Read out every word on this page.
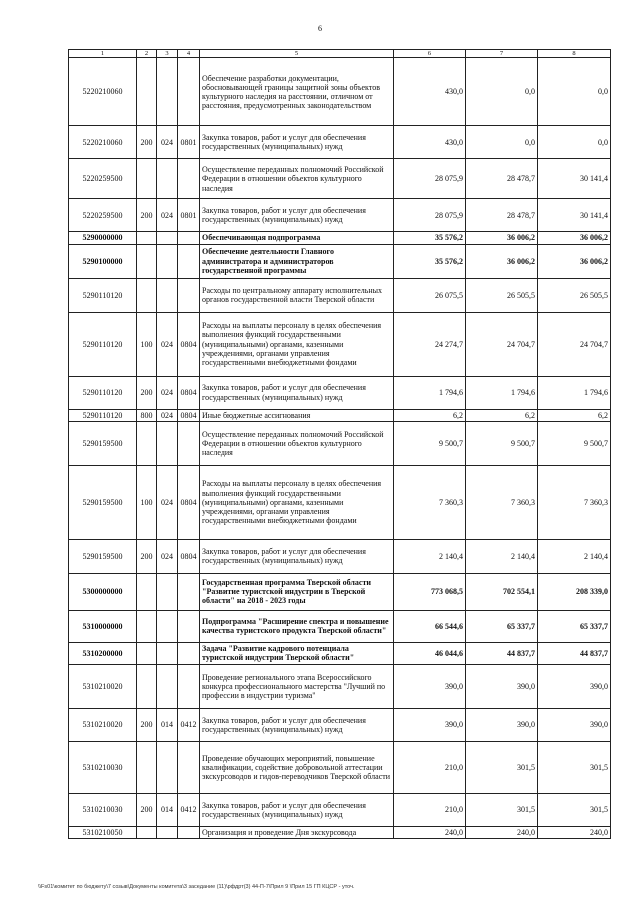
6
1	2	3	4	5	6	7	8
5220210060				Обеспечение разработки документации, обосновывающей границы защитной зоны объектов культурного наследия на расстоянии, отличном от расстояния, предусмотренных законодательством	430,0	0,0	0,0
5220210060	200	024	0801	Закупка товаров, работ и услуг для обеспечения государственных (муниципальных) нужд	430,0	0,0	0,0
5220259500				Осуществление переданных полномочий Российской Федерации в отношении объектов культурного наследия	28 075,9	28 478,7	30 141,4
5220259500	200	024	0801	Закупка товаров, работ и услуг для обеспечения государственных (муниципальных) нужд	28 075,9	28 478,7	30 141,4
5290000000				Обеспечивающая подпрограмма	35 576,2	36 006,2	36 006,2
5290100000				Обеспечение деятельности Главного администратора и администраторов государственной программы	35 576,2	36 006,2	36 006,2
5290110120				Расходы по центральному аппарату исполнительных органов государственной власти Тверской области	26 075,5	26 505,5	26 505,5
5290110120	100	024	0804	Расходы на выплаты персоналу в целях обеспечения выполнения функций государственными (муниципальными) органами, казенными учреждениями, органами управления государственными внебюджетными фондами	24 274,7	24 704,7	24 704,7
5290110120	200	024	0804	Закупка товаров, работ и услуг для обеспечения государственных (муниципальных) нужд	1 794,6	1 794,6	1 794,6
5290110120	800	024	0804	Иные бюджетные ассигнования	6,2	6,2	6,2
5290159500				Осуществление переданных полномочий Российской Федерации в отношении объектов культурного наследия	9 500,7	9 500,7	9 500,7
5290159500	100	024	0804	Расходы на выплаты персоналу в целях обеспечения выполнения функций государственными (муниципальными) органами, казенными учреждениями, органами управления государственными внебюджетными фондами	7 360,3	7 360,3	7 360,3
5290159500	200	024	0804	Закупка товаров, работ и услуг для обеспечения государственных (муниципальных) нужд	2 140,4	2 140,4	2 140,4
5300000000				Государственная программа Тверской области "Развитие туристской индустрии в Тверской области" на 2018 - 2023 годы	773 068,5	702 554,1	208 339,0
5310000000				Подпрограмма "Расширение спектра и повышение качества туристского продукта Тверской области"	66 544,6	65 337,7	65 337,7
5310200000				Задача "Развитие кадрового потенциала туристской индустрии Тверской области"	46 044,6	44 837,7	44 837,7
5310210020				Проведение регионального этапа Всероссийского конкурса профессионального мастерства "Лучший по профессии в индустрии туризма"	390,0	390,0	390,0
5310210020	200	014	0412	Закупка товаров, работ и услуг для обеспечения государственных (муниципальных) нужд	390,0	390,0	390,0
5310210030				Проведение обучающих мероприятий, повышение квалификации, содействие добровольной аттестации экскурсоводов и гидов-переводчиков Тверской области	210,0	301,5	301,5
5310210030	200	014	0412	Закупка товаров, работ и услуг для обеспечения государственных (муниципальных) нужд	210,0	301,5	301,5
5310210050				Организация и проведение Дня экскурсовода	240,0	240,0	240,0
\\Fs01\комитет по бюджету\7 созыв\Документы комитета\3 заседание (11)\рфдрт(3) 44-П-7\Прил 9 \Прил 15 ГП КЦСР - уточ.
